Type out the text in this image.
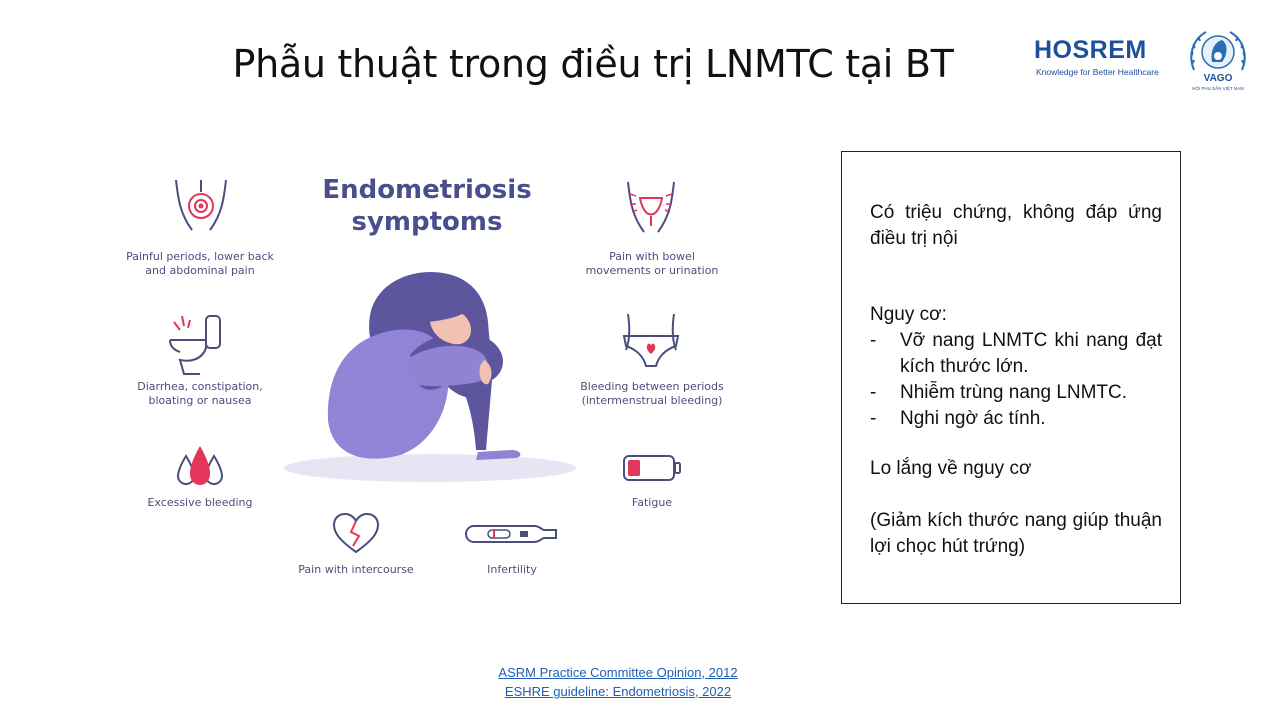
Phẫu thuật trong điều trị LNMTC tại BT	HOSREM
Knowledge for Better Healthcare
VAGO
HỘI PHỤ SẢN VIỆT NAM
Endometriosis
symptoms
Painful periods, lower back
and abdominal pain
Pain with bowel
movements or urination
Diarrhea, constipation,
bloating or nausea
Bleeding between periods
(intermenstrual bleeding)
Excessive bleeding	Fatigue
Pain with intercourse	Infertility
Có triệu chứng, không đáp ứng điều trị nội
Nguy cơ:
- Vỡ nang LNMTC khi nang đạt kích thước lớn.
- Nhiễm trùng nang LNMTC.
- Nghi ngờ ác tính.
Lo lắng về nguy cơ
(Giảm kích thước nang giúp thuận lợi chọc hút trứng)
ASRM Practice Committee Opinion, 2012
ESHRE guideline: Endometriosis, 2022
